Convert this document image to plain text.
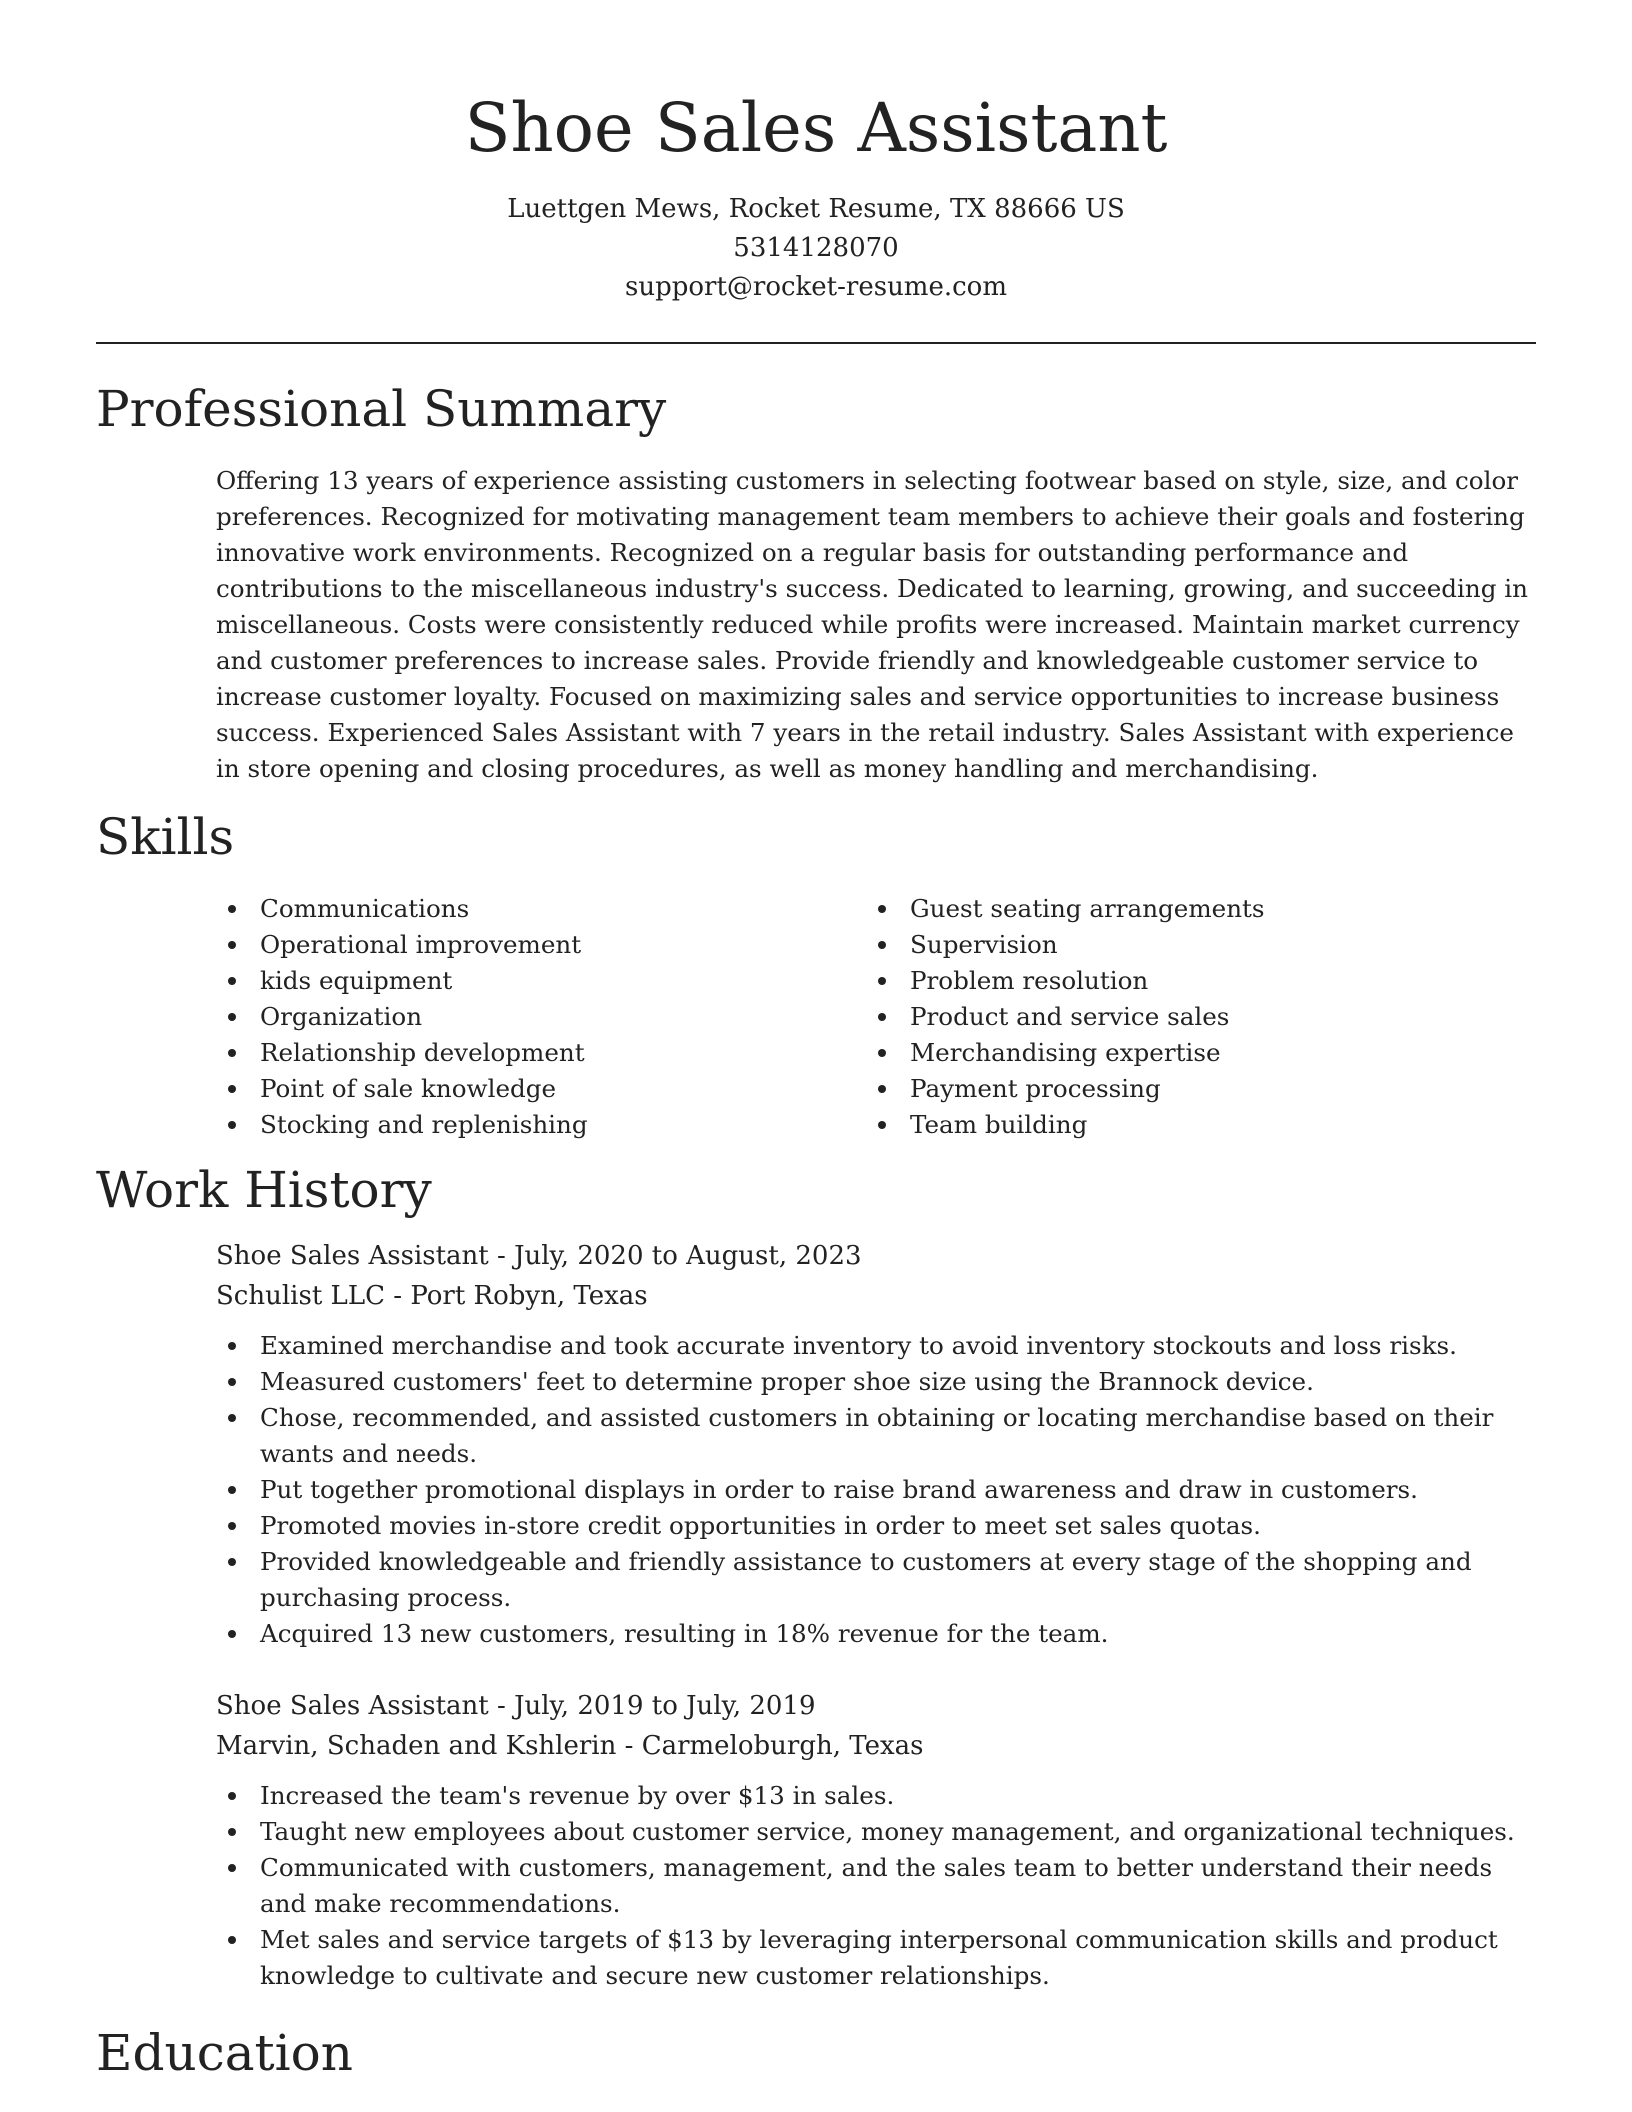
Shoe Sales Assistant
Luettgen Mews, Rocket Resume, TX 88666 US
5314128070
support@rocket-resume.com
Professional Summary

Offering 13 years of experience assisting customers in selecting footwear based on style, size, and color preferences. Recognized for motivating management team members to achieve their goals and fostering innovative work environments. Recognized on a regular basis for outstanding performance and contributions to the miscellaneous industry's success. Dedicated to learning, growing, and succeeding in miscellaneous. Costs were consistently reduced while profits were increased. Maintain market currency and customer preferences to increase sales. Provide friendly and knowledgeable customer service to increase customer loyalty. Focused on maximizing sales and service opportunities to increase business success. Experienced Sales Assistant with 7 years in the retail industry. Sales Assistant with experience in store opening and closing procedures, as well as money handling and merchandising.

Skills
Communications
Operational improvement
kids equipment
Organization
Relationship development
Point of sale knowledge
Stocking and replenishing
Guest seating arrangements
Supervision
Problem resolution
Product and service sales
Merchandising expertise
Payment processing
Team building
Work History
Shoe Sales Assistant - July, 2020 to August, 2023
Schulist LLC - Port Robyn, Texas
Examined merchandise and took accurate inventory to avoid inventory stockouts and loss risks.
Measured customers' feet to determine proper shoe size using the Brannock device.
Chose, recommended, and assisted customers in obtaining or locating merchandise based on their wants and needs.
Put together promotional displays in order to raise brand awareness and draw in customers.
Promoted movies in-store credit opportunities in order to meet set sales quotas.
Provided knowledgeable and friendly assistance to customers at every stage of the shopping and purchasing process.
Acquired 13 new customers, resulting in 18% revenue for the team.
Shoe Sales Assistant - July, 2019 to July, 2019
Marvin, Schaden and Kshlerin - Carmeloburgh, Texas
Increased the team's revenue by over $13 in sales.
Taught new employees about customer service, money management, and organizational techniques.
Communicated with customers, management, and the sales team to better understand their needs and make recommendations.
Met sales and service targets of $13 by leveraging interpersonal communication skills and product knowledge to cultivate and secure new customer relationships.
Education
